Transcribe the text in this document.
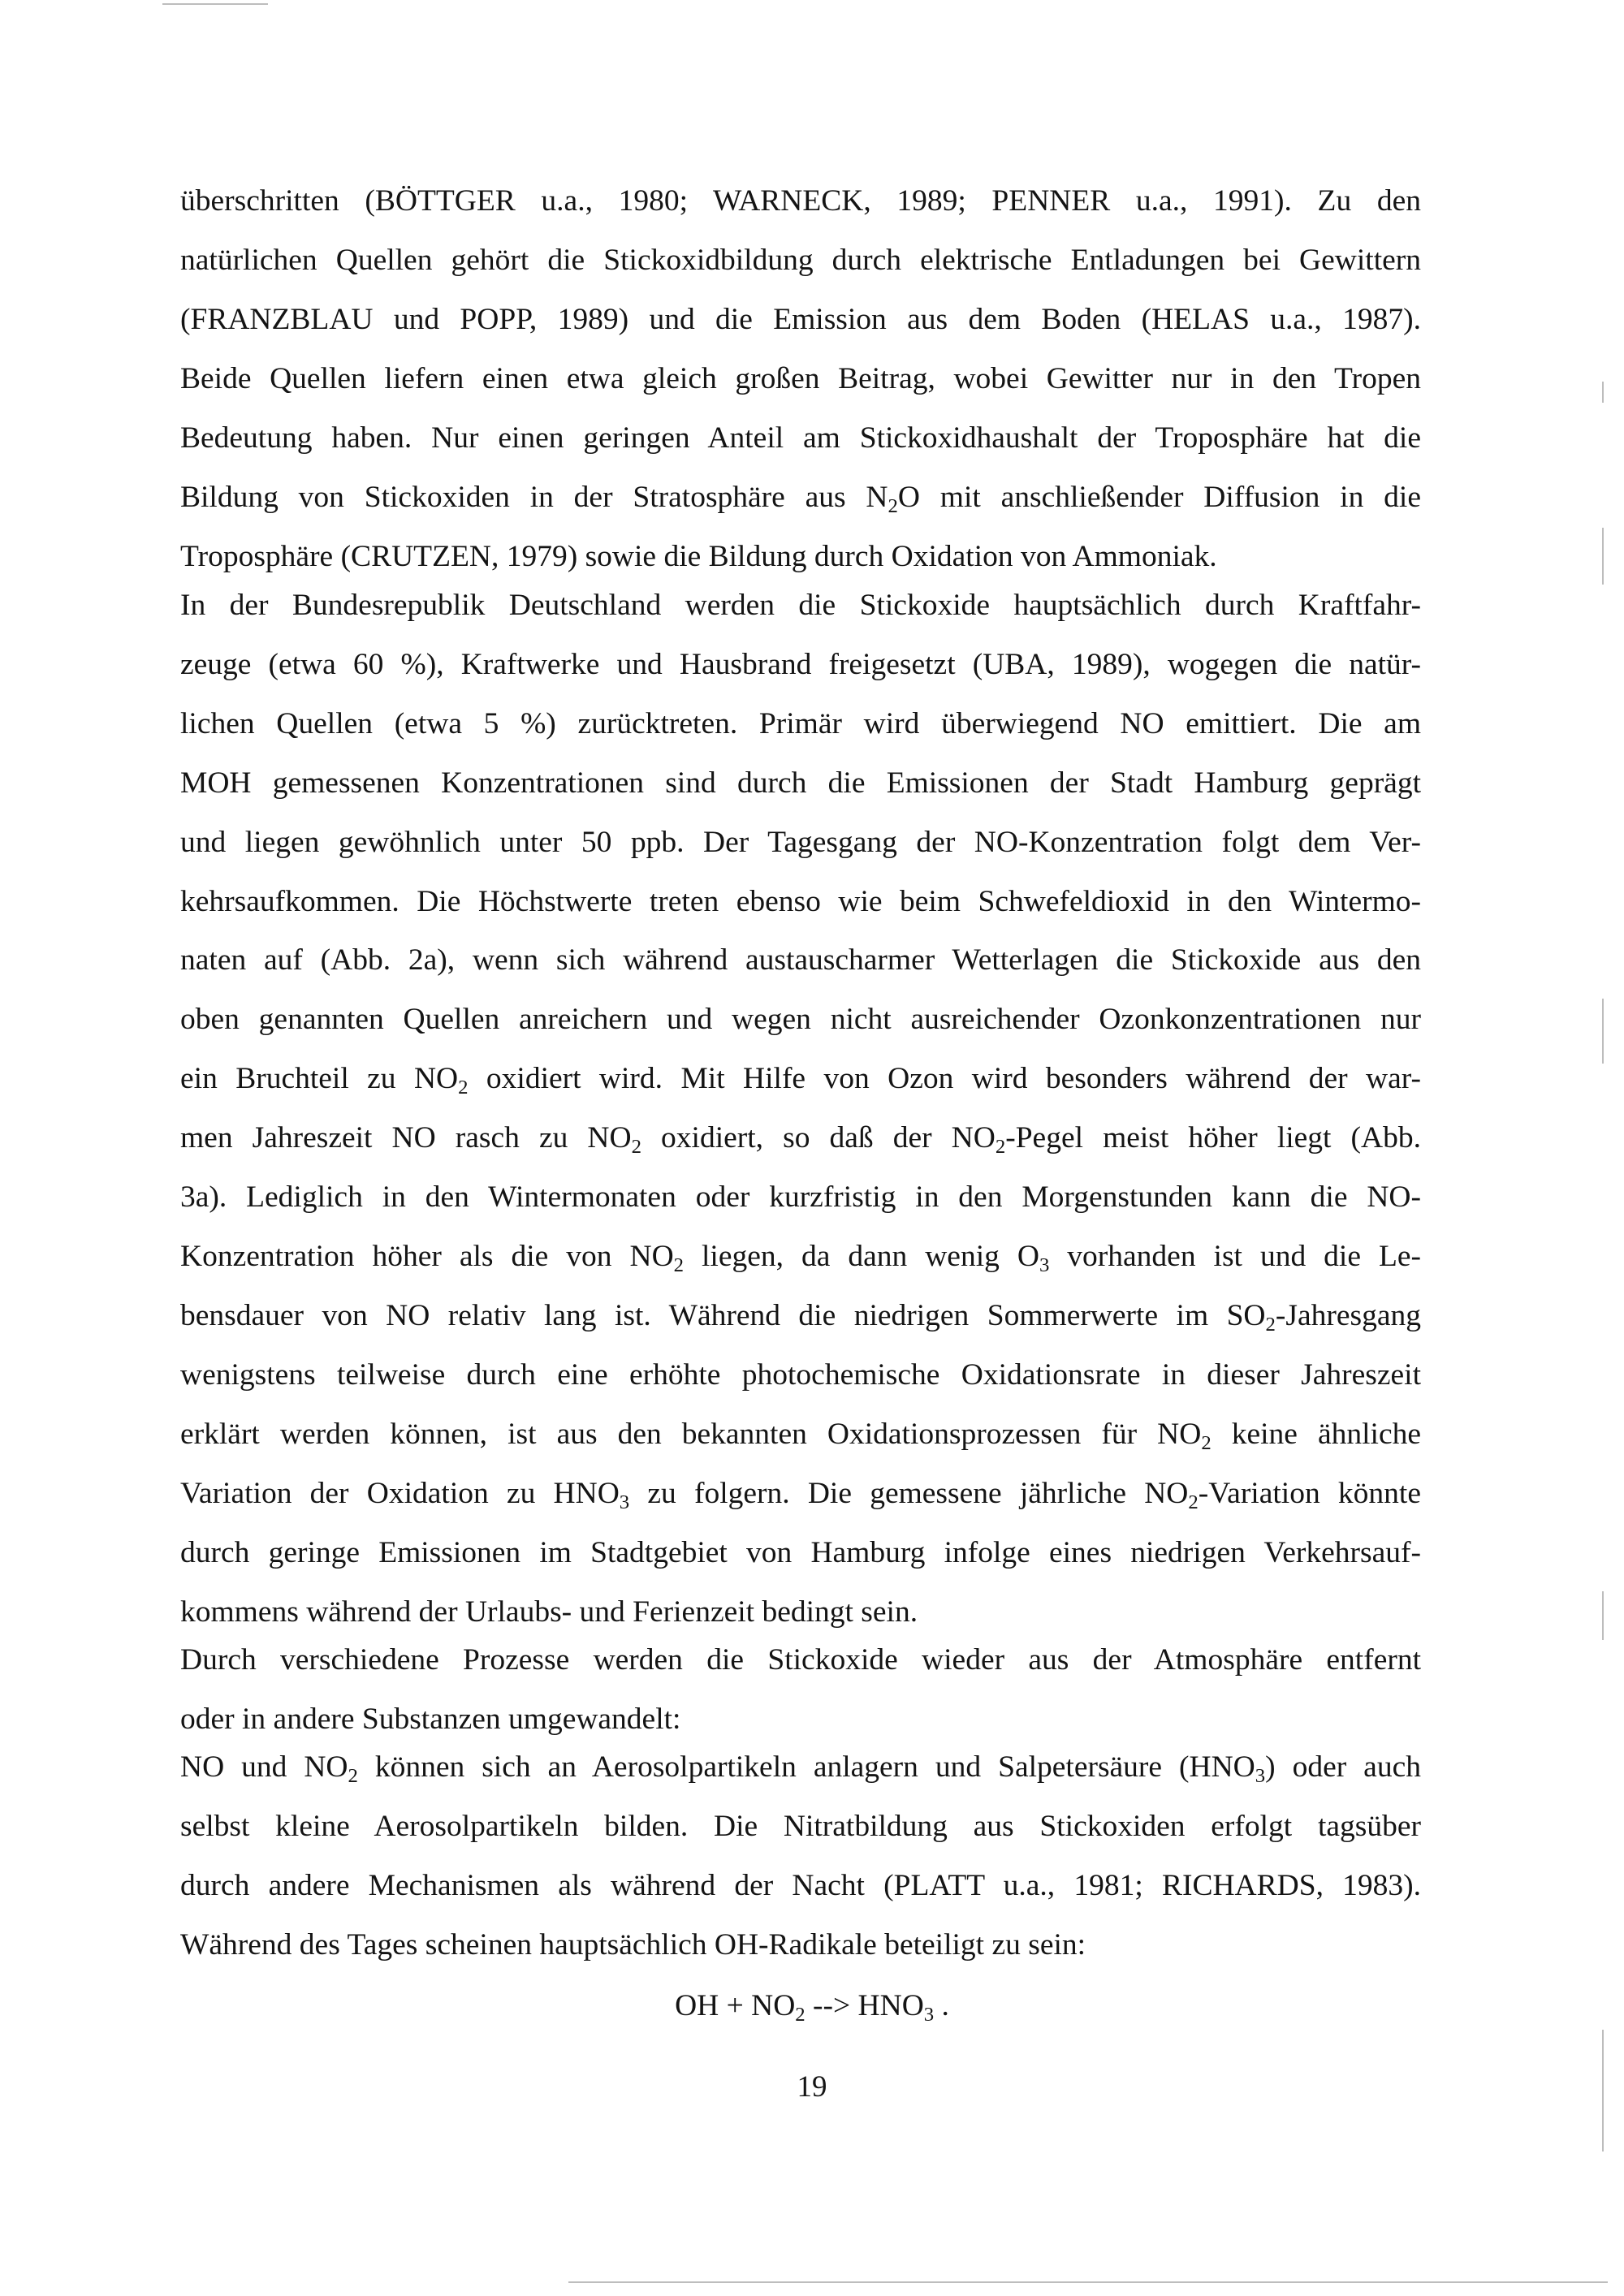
überschritten (BÖTTGER u.a., 1980; WARNECK, 1989; PENNER u.a., 1991). Zu den
natürlichen Quellen gehört die Stickoxidbildung durch elektrische Entladungen bei Gewittern
(FRANZBLAU und POPP, 1989) und die Emission aus dem Boden (HELAS u.a., 1987).
Beide Quellen liefern einen etwa gleich großen Beitrag, wobei Gewitter nur in den Tropen
Bedeutung haben. Nur einen geringen Anteil am Stickoxidhaushalt der Troposphäre hat die
Bildung von Stickoxiden in der Stratosphäre aus $N_2O$ mit anschließender Diffusion in die
Troposphäre (CRUTZEN, 1979) sowie die Bildung durch Oxidation von Ammoniak.
In der Bundesrepublik Deutschland werden die Stickoxide hauptsächlich durch Kraftfahr-
zeuge (etwa 60 %), Kraftwerke und Hausbrand freigesetzt (UBA, 1989), wogegen die natür-
lichen Quellen (etwa 5 %) zurücktreten. Primär wird überwiegend NO emittiert. Die am
MOH gemessenen Konzentrationen sind durch die Emissionen der Stadt Hamburg geprägt
und liegen gewöhnlich unter 50 ppb. Der Tagesgang der NO-Konzentration folgt dem Ver-
kehrsaufkommen. Die Höchstwerte treten ebenso wie beim Schwefeldioxid in den Wintermo-
naten auf (Abb. 2a), wenn sich während austauscharmer Wetterlagen die Stickoxide aus den
oben genannten Quellen anreichern und wegen nicht ausreichender Ozonkonzentrationen nur
ein Bruchteil zu $NO_2$ oxidiert wird. Mit Hilfe von Ozon wird besonders während der war-
men Jahreszeit NO rasch zu $NO_2$ oxidiert, so daß der $NO_2$-Pegel meist höher liegt (Abb.
3a). Lediglich in den Wintermonaten oder kurzfristig in den Morgenstunden kann die NO-
Konzentration höher als die von $NO_2$ liegen, da dann wenig $O_3$ vorhanden ist und die Le-
bensdauer von NO relativ lang ist. Während die niedrigen Sommerwerte im $SO_2$-Jahresgang
wenigstens teilweise durch eine erhöhte photochemische Oxidationsrate in dieser Jahreszeit
erklärt werden können, ist aus den bekannten Oxidationsprozessen für $NO_2$ keine ähnliche
Variation der Oxidation zu $HNO_3$ zu folgern. Die gemessene jährliche $NO_2$-Variation könnte
durch geringe Emissionen im Stadtgebiet von Hamburg infolge eines niedrigen Verkehrsauf-
kommens während der Urlaubs- und Ferienzeit bedingt sein.
Durch verschiedene Prozesse werden die Stickoxide wieder aus der Atmosphäre entfernt
oder in andere Substanzen umgewandelt:
NO und $NO_2$ können sich an Aerosolpartikeln anlagern und Salpetersäure $(HNO_3)$ oder auch
selbst kleine Aerosolpartikeln bilden. Die Nitratbildung aus Stickoxiden erfolgt tagsüber
durch andere Mechanismen als während der Nacht (PLATT u.a., 1981; RICHARDS, 1983).
Während des Tages scheinen hauptsächlich OH-Radikale beteiligt zu sein:
OH + $NO_2$ --> $HNO_3$ .
19
